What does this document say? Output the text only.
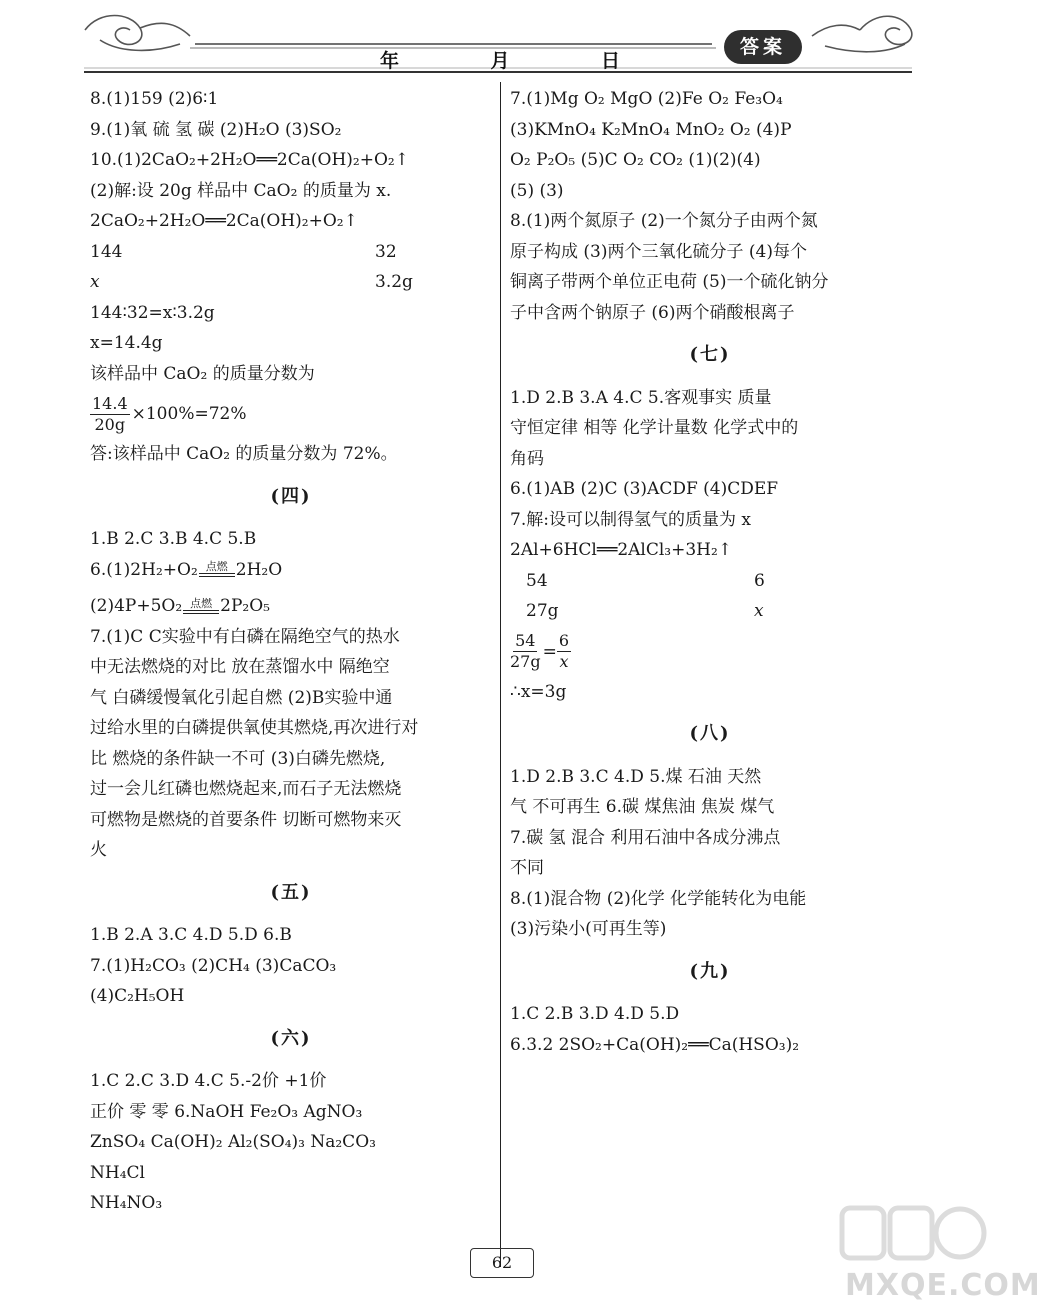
年	月	日
答案
8.(1)159 (2)6∶1
9.(1)氧 硫 氢 碳 (2)H₂O (3)SO₂
10.(1)2CaO₂+2H₂O══2Ca(OH)₂+O₂↑
(2)解:设 20g 样品中 CaO₂ 的质量为 x.
2CaO₂+2H₂O══2Ca(OH)₂+O₂↑
144	32
x	3.2g
144∶32=x∶3.2g
x=14.4g
该样品中 CaO₂ 的质量分数为
$\frac{14.4}{20g} \times 100\%=72\%$
答:该样品中 CaO₂ 的质量分数为 72%。
(四)
1.B 2.C 3.B 4.C 5.B
6.(1)2H₂+O₂ 点燃 2H₂O
(2)4P+5O₂ 点燃 2P₂O₅
7.(1)C C实验中有白磷在隔绝空气的热水
中无法燃烧的对比 放在蒸馏水中 隔绝空
气 白磷缓慢氧化引起自燃 (2)B实验中通
过给水里的白磷提供氧使其燃烧,再次进行对
比 燃烧的条件缺一不可 (3)白磷先燃烧,
过一会儿红磷也燃烧起来,而石子无法燃烧
可燃物是燃烧的首要条件 切断可燃物来灭
火
(五)
1.B 2.A 3.C 4.D 5.D 6.B
7.(1)H₂CO₃ (2)CH₄ (3)CaCO₃
(4)C₂H₅OH
(六)
1.C 2.C 3.D 4.C 5.-2价 +1价
正价 零 零 6.NaOH Fe₂O₃ AgNO₃
ZnSO₄ Ca(OH)₂ Al₂(SO₄)₃ Na₂CO₃
NH₄Cl
NH₄NO₃
7.(1)Mg O₂ MgO (2)Fe O₂ Fe₃O₄
(3)KMnO₄ K₂MnO₄ MnO₂ O₂ (4)P
O₂ P₂O₅ (5)C O₂ CO₂ (1)(2)(4)
(5) (3)
8.(1)两个氮原子 (2)一个氮分子由两个氮
原子构成 (3)两个三氧化硫分子 (4)每个
铜离子带两个单位正电荷 (5)一个硫化钠分
子中含两个钠原子 (6)两个硝酸根离子
(七)
1.D 2.B 3.A 4.C 5.客观事实 质量
守恒定律 相等 化学计量数 化学式中的
角码
6.(1)AB (2)C (3)ACDF (4)CDEF
7.解:设可以制得氢气的质量为 x
2Al+6HCl══2AlCl₃+3H₂↑
54	6
27g	x
$\frac{54}{27g} = \frac{6}{x}$
∴x=3g
(八)
1.D 2.B 3.C 4.D 5.煤 石油 天然
气 不可再生 6.碳 煤焦油 焦炭 煤气
7.碳 氢 混合 利用石油中各成分沸点
不同
8.(1)混合物 (2)化学 化学能转化为电能
(3)污染小(可再生等)
(九)
1.C 2.B 3.D 4.D 5.D
6.3.2 2SO₂+Ca(OH)₂══Ca(HSO₃)₂
62
MXQE.COM
